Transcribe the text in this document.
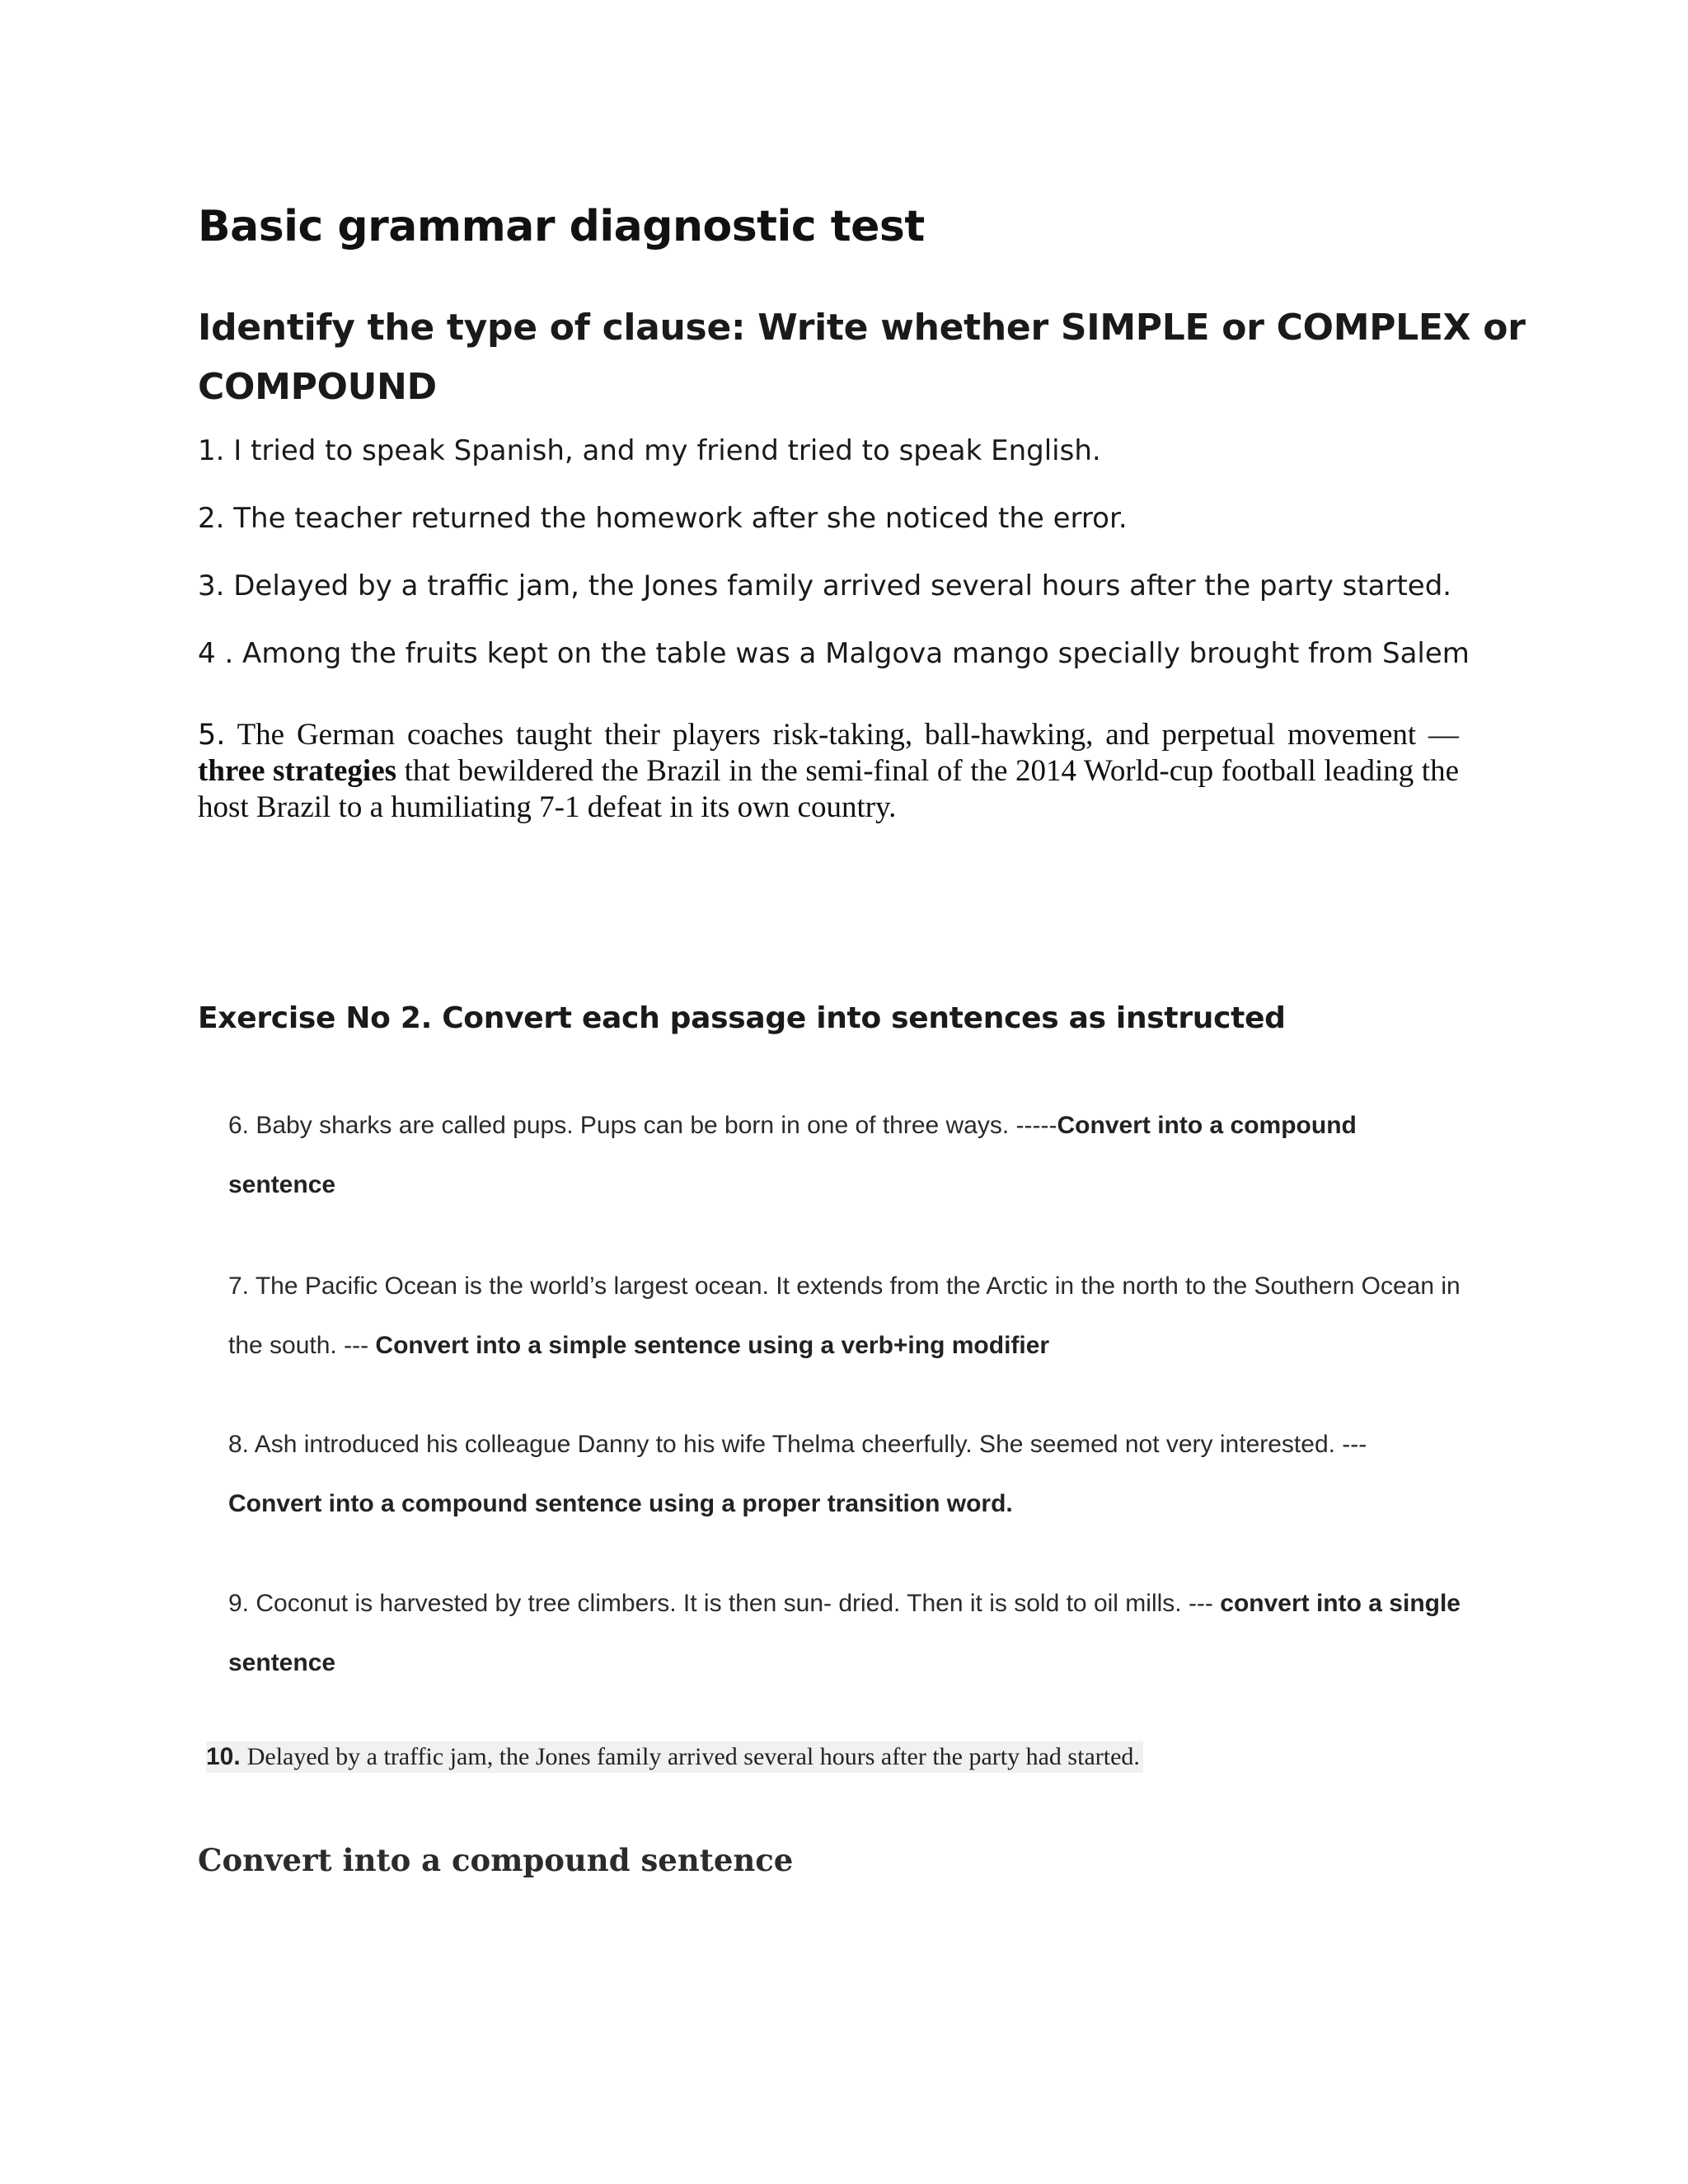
Basic grammar diagnostic test
Identify the type of clause: Write whether SIMPLE or COMPLEX or COMPOUND

1. I tried to speak Spanish, and my friend tried to speak English.

2. The teacher returned the homework after she noticed the error.

3. Delayed by a traffic jam, the Jones family arrived several hours after the party started.

4 . Among the fruits kept on the table was a Malgova mango specially brought from Salem

5. The German coaches taught their players risk-taking, ball-hawking, and perpetual movement — three strategies that bewildered the Brazil in the semi-final of the 2014 World-cup football leading the host Brazil to a humiliating 7-1 defeat in its own country.

Exercise No 2. Convert each passage into sentences as instructed

6. Baby sharks are called pups. Pups can be born in one of three ways. -----Convert into a compound sentence

7. The Pacific Ocean is the world’s largest ocean. It extends from the Arctic in the north to the Southern Ocean in the south. --- Convert into a simple sentence using a verb+ing modifier

8. Ash introduced his colleague Danny to his wife Thelma cheerfully. She seemed not very interested. --- Convert into a compound sentence using a proper transition word.

9. Coconut is harvested by tree climbers. It is then sun- dried. Then it is sold to oil mills. --- convert into a single sentence

10. Delayed by a traffic jam, the Jones family arrived several hours after the party had started.

Convert into a compound sentence
